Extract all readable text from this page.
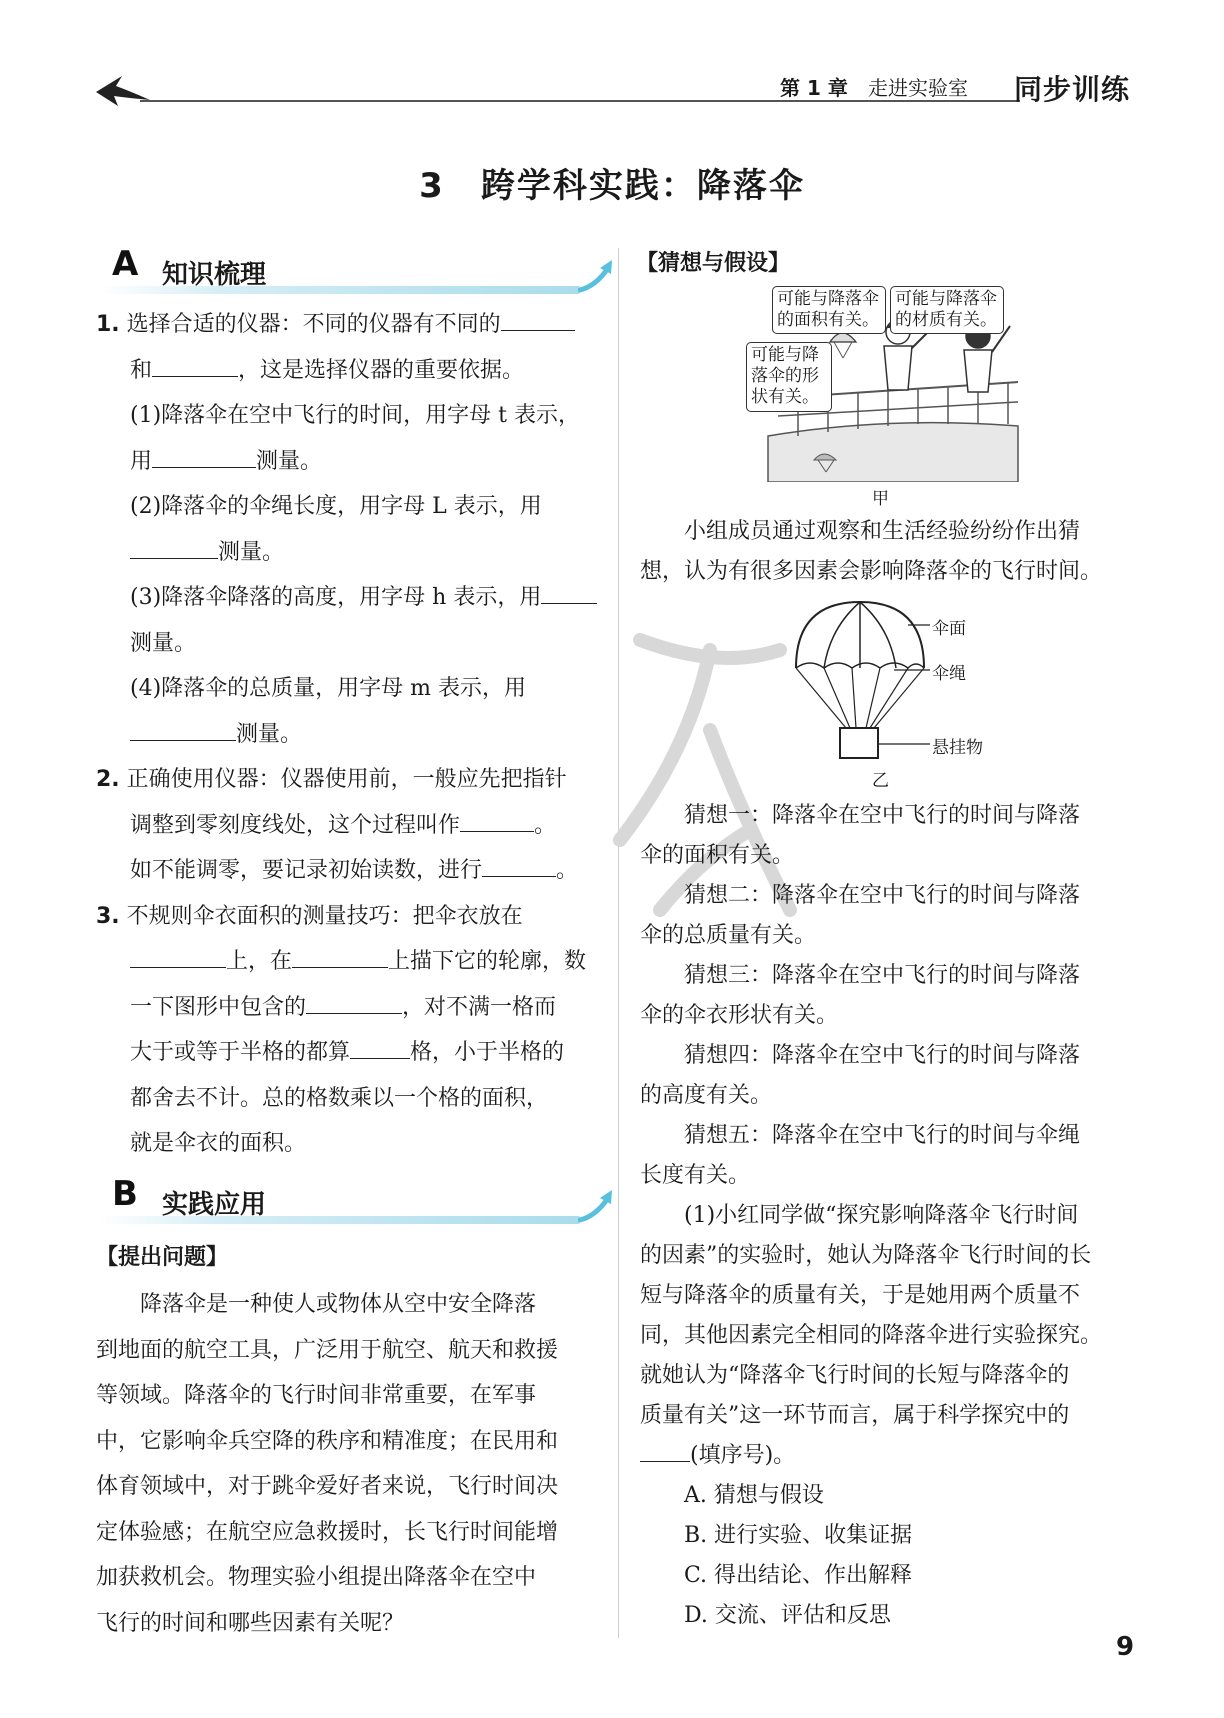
第 1 章 走进实验室 同步训练
3　跨学科实践：降落伞
A 知识梳理
1. 选择合适的仪器：不同的仪器有不同的
和	，这是选择仪器的重要依据。
(1)降落伞在空中飞行的时间，用字母 t 表示，
用	测量。
(2)降落伞的伞绳长度，用字母 L 表示，用
测量。
(3)降落伞降落的高度，用字母 h 表示，用
测量。
(4)降落伞的总质量，用字母 m 表示，用
测量。
2. 正确使用仪器：仪器使用前，一般应先把指针
调整到零刻度线处，这个过程叫作	。
如不能调零，要记录初始读数，进行	。
3. 不规则伞衣面积的测量技巧：把伞衣放在
上，在	上描下它的轮廓，数
一下图形中包含的	，对不满一格而
大于或等于半格的都算	格，小于半格的
都舍去不计。总的格数乘以一个格的面积，
就是伞衣的面积。
B 实践应用
【提出问题】
降落伞是一种使人或物体从空中安全降落
到地面的航空工具，广泛用于航空、航天和救援
等领域。降落伞的飞行时间非常重要，在军事
中，它影响伞兵空降的秩序和精准度；在民用和
体育领域中，对于跳伞爱好者来说，飞行时间决
定体验感；在航空应急救援时，长飞行时间能增
加获救机会。物理实验小组提出降落伞在空中
飞行的时间和哪些因素有关呢？
【猜想与假设】
可能与降落伞
的面积有关。
可能与降落伞
的材质有关。
可能与降
落伞的形
状有关。
甲
小组成员通过观察和生活经验纷纷作出猜
想，认为有很多因素会影响降落伞的飞行时间。
伞面
伞绳
悬挂物
乙
猜想一：降落伞在空中飞行的时间与降落
伞的面积有关。
猜想二：降落伞在空中飞行的时间与降落
伞的总质量有关。
猜想三：降落伞在空中飞行的时间与降落
伞的伞衣形状有关。
猜想四：降落伞在空中飞行的时间与降落
的高度有关。
猜想五：降落伞在空中飞行的时间与伞绳
长度有关。
(1)小红同学做“探究影响降落伞飞行时间
的因素”的实验时，她认为降落伞飞行时间的长
短与降落伞的质量有关，于是她用两个质量不
同，其他因素完全相同的降落伞进行实验探究。
就她认为“降落伞飞行时间的长短与降落伞的
质量有关”这一环节而言，属于科学探究中的
(填序号)。
A. 猜想与假设
B. 进行实验、收集证据
C. 得出结论、作出解释
D. 交流、评估和反思
9
